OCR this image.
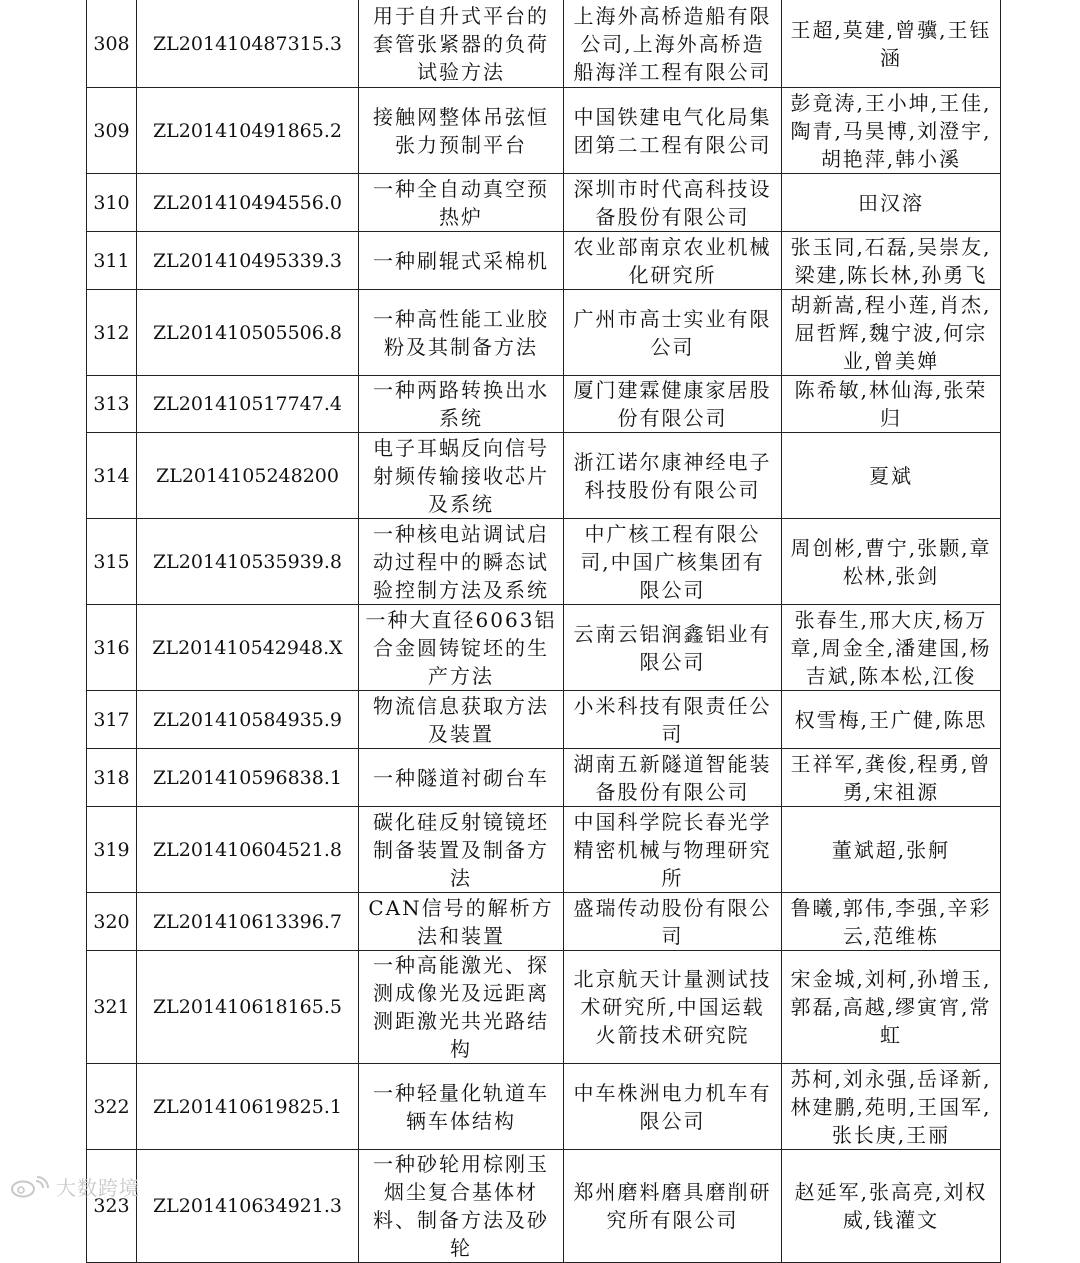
308	ZL201410487315.3	用于自升式平台的套管张紧器的负荷试验方法	上海外高桥造船有限公司,上海外高桥造船海洋工程有限公司	王超,莫建,曾骥,王钰涵
309	ZL201410491865.2	接触网整体吊弦恒张力预制平台	中国铁建电气化局集团第二工程有限公司	彭竟涛,王小坤,王佳,陶青,马昊博,刘澄宇,胡艳萍,韩小溪
310	ZL201410494556.0	一种全自动真空预热炉	深圳市时代高科技设备股份有限公司	田汉溶
311	ZL201410495339.3	一种刷辊式采棉机	农业部南京农业机械化研究所	张玉同,石磊,吴崇友,梁建,陈长林,孙勇飞
312	ZL201410505506.8	一种高性能工业胶粉及其制备方法	广州市高士实业有限公司	胡新嵩,程小莲,肖杰,屈哲辉,魏宁波,何宗业,曾美婵
313	ZL201410517747.4	一种两路转换出水系统	厦门建霖健康家居股份有限公司	陈希敏,林仙海,张荣归
314	ZL2014105248200	电子耳蜗反向信号射频传输接收芯片及系统	浙江诺尔康神经电子科技股份有限公司	夏斌
315	ZL201410535939.8	一种核电站调试启动过程中的瞬态试验控制方法及系统	中广核工程有限公司,中国广核集团有限公司	周创彬,曹宁,张颢,章松林,张剑
316	ZL201410542948.X	一种大直径6063铝合金圆铸锭坯的生产方法	云南云铝润鑫铝业有限公司	张春生,邢大庆,杨万章,周金全,潘建国,杨吉斌,陈本松,江俊
317	ZL201410584935.9	物流信息获取方法及装置	小米科技有限责任公司	权雪梅,王广健,陈思
318	ZL201410596838.1	一种隧道衬砌台车	湖南五新隧道智能装备股份有限公司	王祥军,龚俊,程勇,曾勇,宋祖源
319	ZL201410604521.8	碳化硅反射镜镜坯制备装置及制备方法	中国科学院长春光学精密机械与物理研究所	董斌超,张舸
320	ZL201410613396.7	CAN信号的解析方法和装置	盛瑞传动股份有限公司	鲁曦,郭伟,李强,辛彩云,范维栋
321	ZL201410618165.5	一种高能激光、探测成像光及远距离测距激光共光路结构	北京航天计量测试技术研究所,中国运载火箭技术研究院	宋金城,刘柯,孙增玉,郭磊,高越,缪寅宵,常虹
322	ZL201410619825.1	一种轻量化轨道车辆车体结构	中车株洲电力机车有限公司	苏柯,刘永强,岳译新,林建鹏,苑明,王国军,张长庚,王丽
323	ZL201410634921.3	一种砂轮用棕刚玉烟尘复合基体材料、制备方法及砂轮	郑州磨料磨具磨削研究所有限公司	赵延军,张高亮,刘权威,钱灌文
大数跨境
